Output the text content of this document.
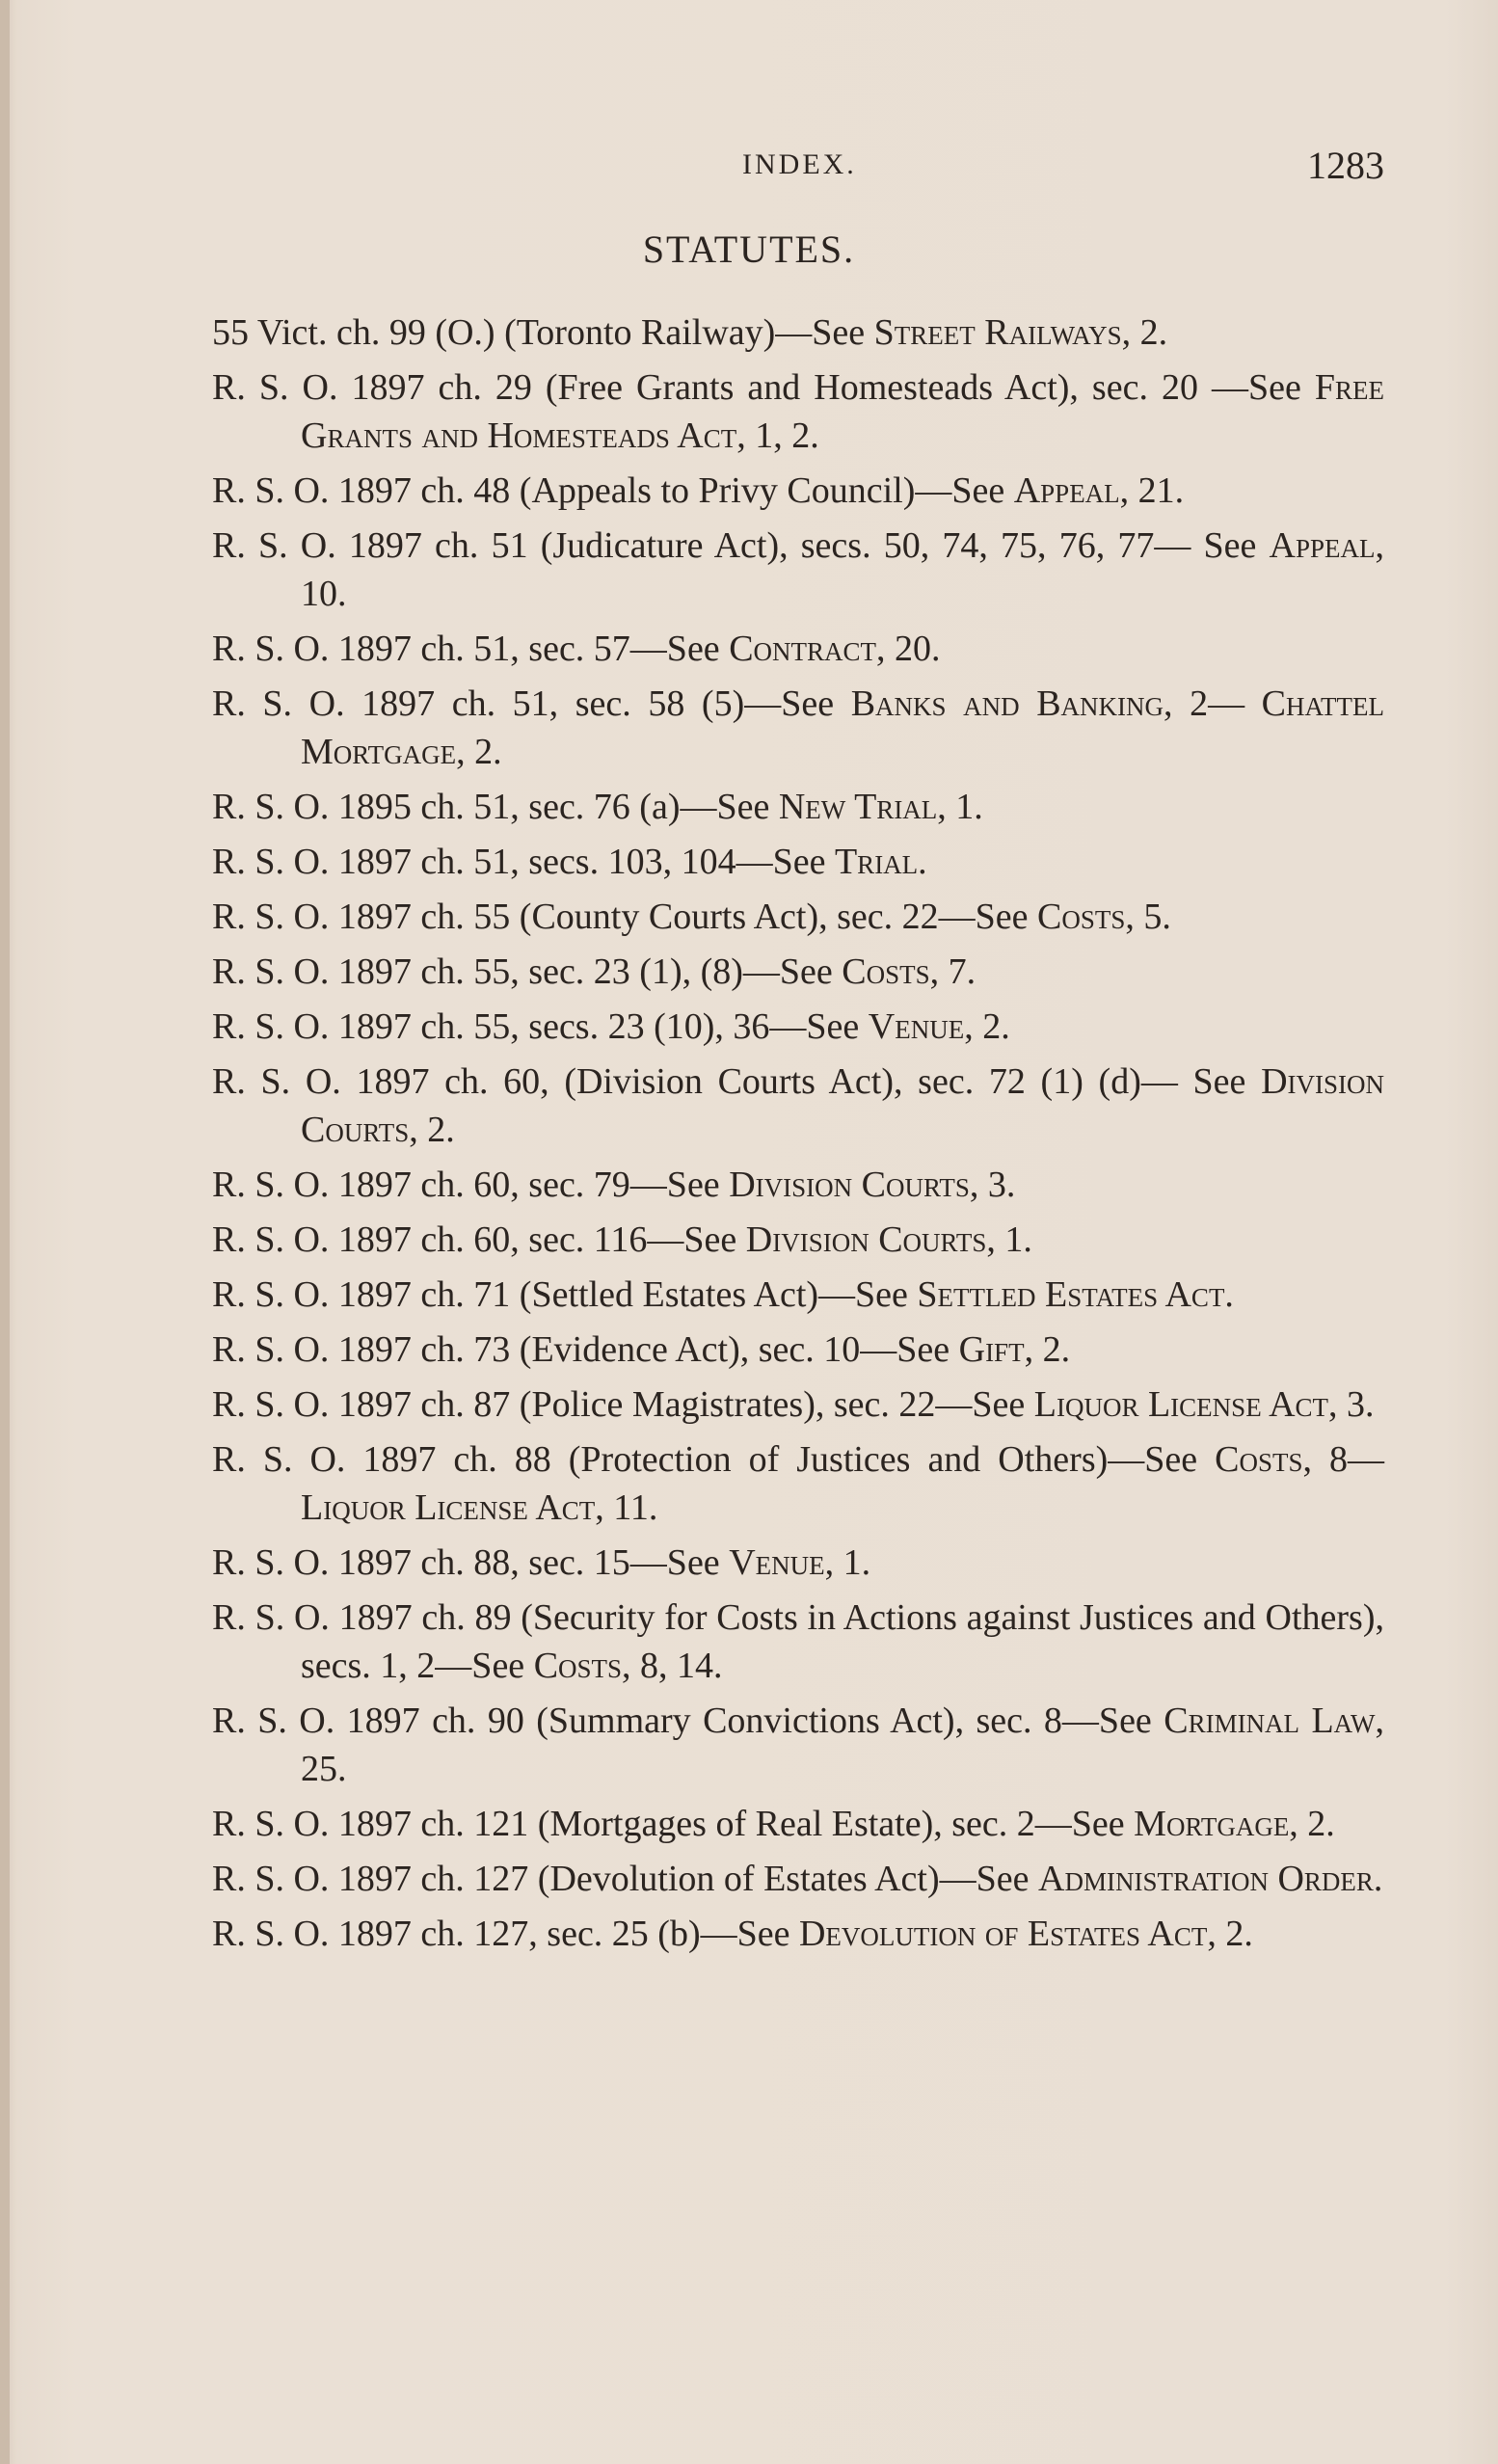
INDEX.	1283
STATUTES.
55 Vict. ch. 99 (O.) (Toronto Railway)—See Street Railways, 2.
R. S. O. 1897 ch. 29 (Free Grants and Homesteads Act), sec. 20 —See Free Grants and Homesteads Act, 1, 2.
R. S. O. 1897 ch. 48 (Appeals to Privy Council)—See Appeal, 21.
R. S. O. 1897 ch. 51 (Judicature Act), secs. 50, 74, 75, 76, 77— See Appeal, 10.
R. S. O. 1897 ch. 51, sec. 57—See Contract, 20.
R. S. O. 1897 ch. 51, sec. 58 (5)—See Banks and Banking, 2— Chattel Mortgage, 2.
R. S. O. 1895 ch. 51, sec. 76 (a)—See New Trial, 1.
R. S. O. 1897 ch. 51, secs. 103, 104—See Trial.
R. S. O. 1897 ch. 55 (County Courts Act), sec. 22—See Costs, 5.
R. S. O. 1897 ch. 55, sec. 23 (1), (8)—See Costs, 7.
R. S. O. 1897 ch. 55, secs. 23 (10), 36—See Venue, 2.
R. S. O. 1897 ch. 60, (Division Courts Act), sec. 72 (1) (d)— See Division Courts, 2.
R. S. O. 1897 ch. 60, sec. 79—See Division Courts, 3.
R. S. O. 1897 ch. 60, sec. 116—See Division Courts, 1.
R. S. O. 1897 ch. 71 (Settled Estates Act)—See Settled Estates Act.
R. S. O. 1897 ch. 73 (Evidence Act), sec. 10—See Gift, 2.
R. S. O. 1897 ch. 87 (Police Magistrates), sec. 22—See Liquor License Act, 3.
R. S. O. 1897 ch. 88 (Protection of Justices and Others)—See Costs, 8—Liquor License Act, 11.
R. S. O. 1897 ch. 88, sec. 15—See Venue, 1.
R. S. O. 1897 ch. 89 (Security for Costs in Actions against Justices and Others), secs. 1, 2—See Costs, 8, 14.
R. S. O. 1897 ch. 90 (Summary Convictions Act), sec. 8—See Criminal Law, 25.
R. S. O. 1897 ch. 121 (Mortgages of Real Estate), sec. 2—See Mortgage, 2.
R. S. O. 1897 ch. 127 (Devolution of Estates Act)—See Administration Order.
R. S. O. 1897 ch. 127, sec. 25 (b)—See Devolution of Estates Act, 2.
